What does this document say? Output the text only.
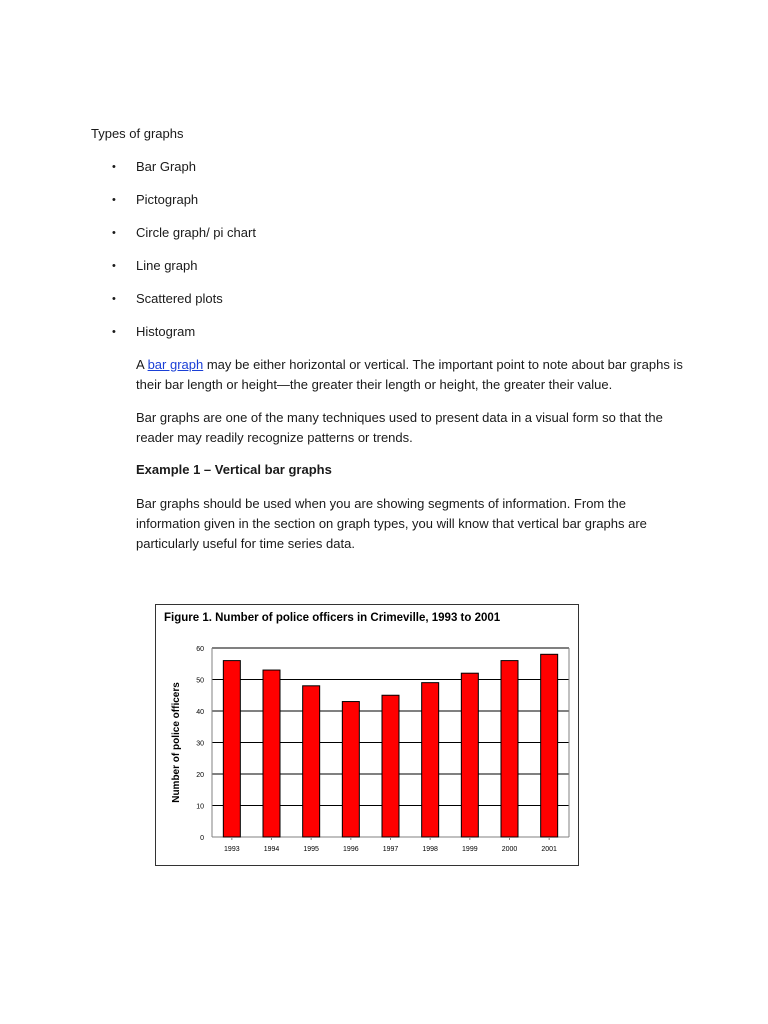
Types of graphs
•	Bar Graph
•	Pictograph
•	Circle graph/ pi chart
•	Line graph
•	Scattered plots
•	Histogram

A bar graph may be either horizontal or vertical. The important point to note about bar graphs is
their bar length or height—the greater their length or height, the greater their value.

Bar graphs are one of the many techniques used to present data in a visual form so that the
reader may readily recognize patterns or trends.

Example 1 – Vertical bar graphs

Bar graphs should be used when you are showing segments of information. From the
information given in the section on graph types, you will know that vertical bar graphs are
particularly useful for time series data.

Figure 1. Number of police officers in Crimeville, 1993 to 2001
0
10
20
30
40
50
60
Number of police officers
1993	1994	1995	1996	1997	1998	1999	2000	2001
